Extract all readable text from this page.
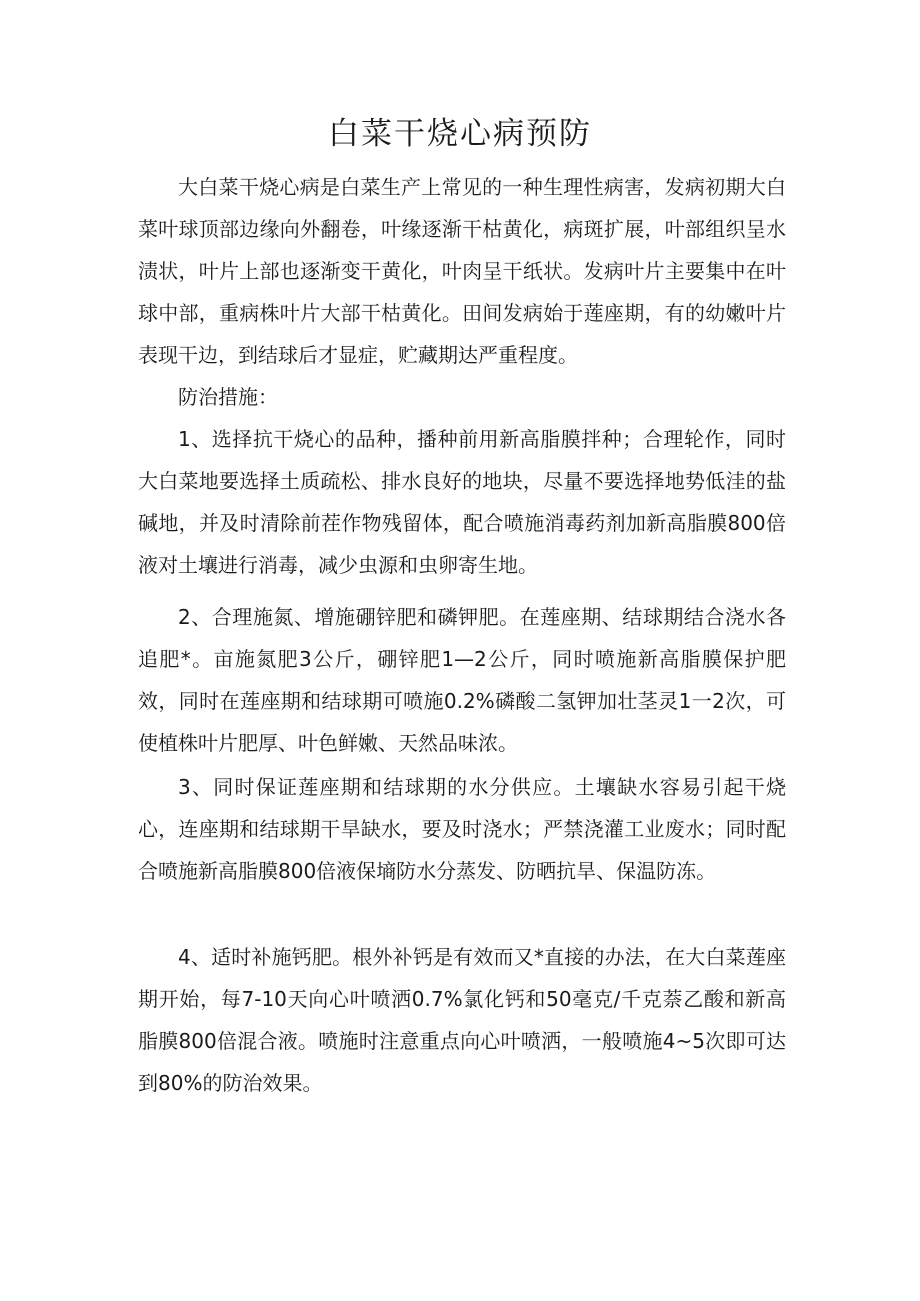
白菜干烧心病预防

大白菜干烧心病是白菜生产上常见的一种生理性病害，发病初期大白菜叶球顶部边缘向外翻卷，叶缘逐渐干枯黄化，病斑扩展，叶部组织呈水渍状，叶片上部也逐渐变干黄化，叶肉呈干纸状。发病叶片主要集中在叶球中部，重病株叶片大部干枯黄化。田间发病始于莲座期，有的幼嫩叶片表现干边，到结球后才显症，贮藏期达严重程度。

防治措施：

1、选择抗干烧心的品种，播种前用新高脂膜拌种；合理轮作，同时大白菜地要选择土质疏松、排水良好的地块，尽量不要选择地势低洼的盐碱地，并及时清除前茬作物残留体，配合喷施消毒药剂加新高脂膜800倍液对土壤进行消毒，减少虫源和虫卵寄生地。

2、合理施氮、增施硼锌肥和磷钾肥。在莲座期、结球期结合浇水各追肥*。亩施氮肥3公斤，硼锌肥1—2公斤，同时喷施新高脂膜保护肥效，同时在莲座期和结球期可喷施0.2%磷酸二氢钾加壮茎灵1一2次，可使植株叶片肥厚、叶色鲜嫩、天然品味浓。

3、同时保证莲座期和结球期的水分供应。土壤缺水容易引起干烧心，连座期和结球期干旱缺水，要及时浇水；严禁浇灌工业废水；同时配合喷施新高脂膜800倍液保墒防水分蒸发、防晒抗旱、保温防冻。

4、适时补施钙肥。根外补钙是有效而又*直接的办法，在大白菜莲座期开始，每7-10天向心叶喷洒0.7%氯化钙和50毫克/千克萘乙酸和新高脂膜800倍混合液。喷施时注意重点向心叶喷洒，一般喷施4~5次即可达到80%的防治效果。
